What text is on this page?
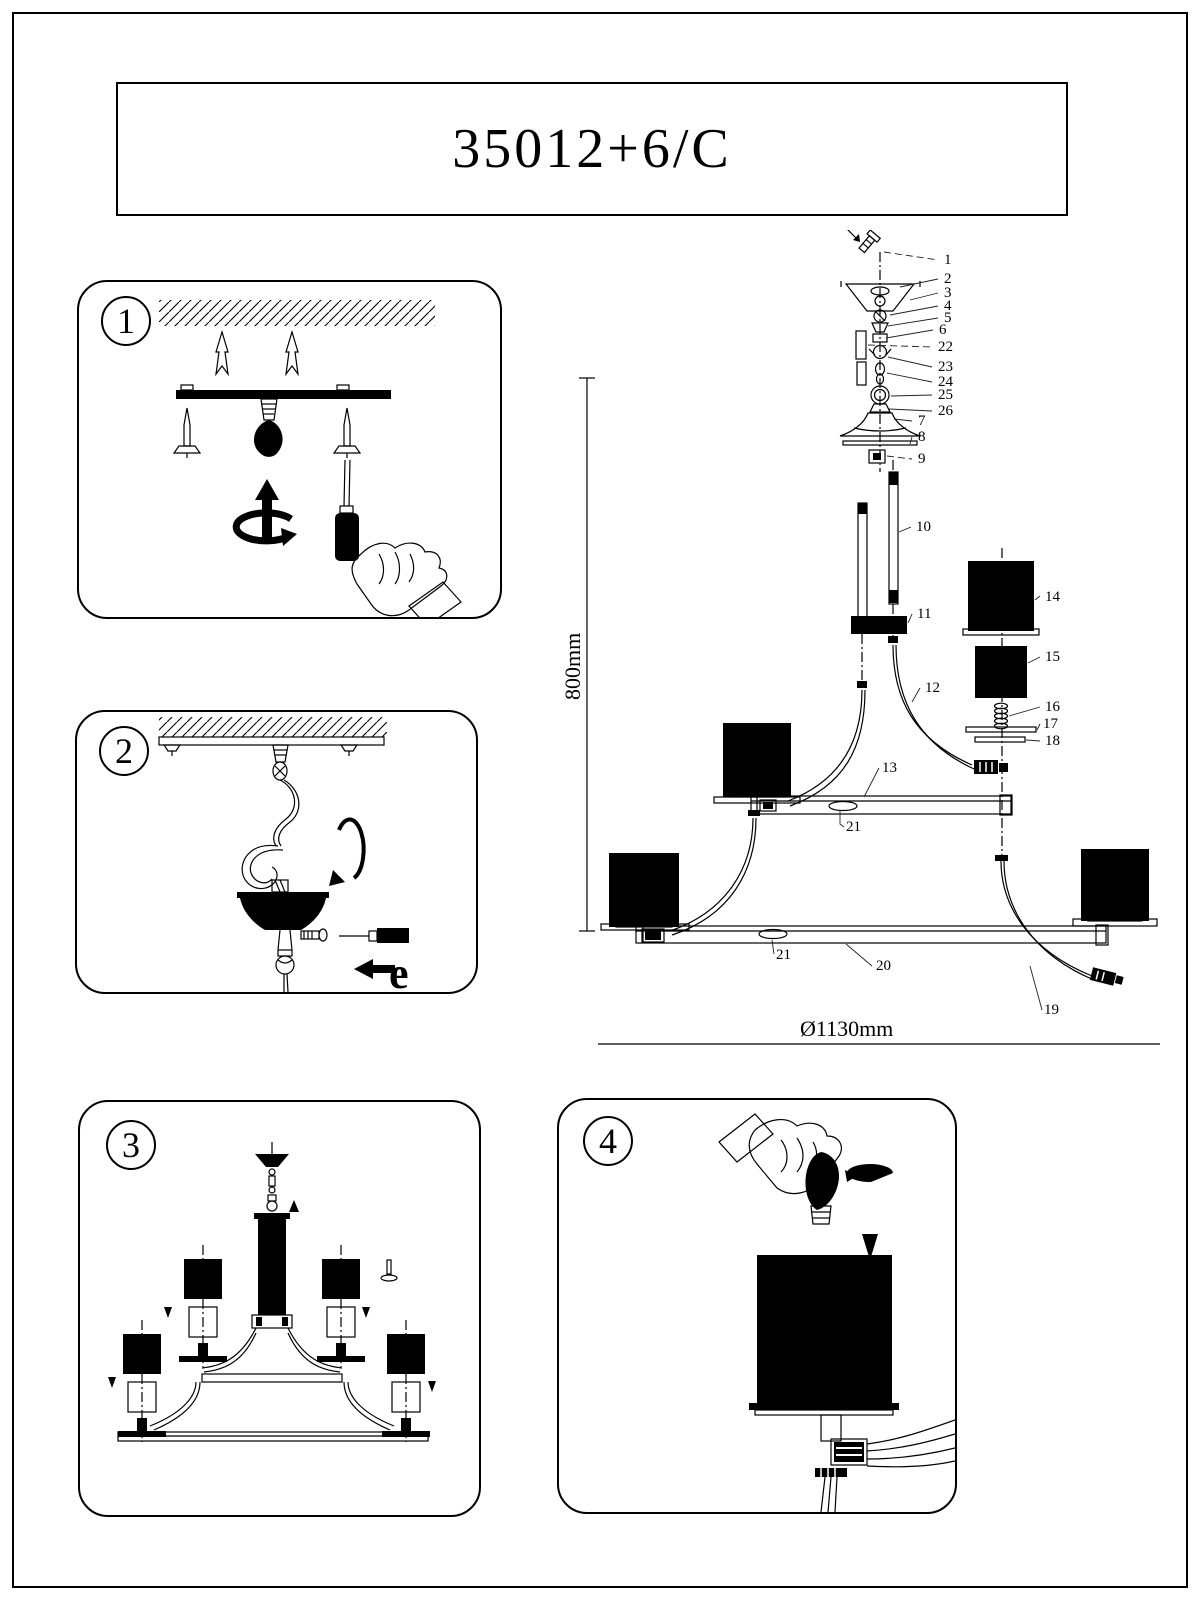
35012+6/C
1
2
e
3	4
800mm
Ø1130mm
1
2
3
4
5
6
22
23
24
25
26
7
8
9
10
11
12
14
15
16
17
18
13
21
20
21
19
